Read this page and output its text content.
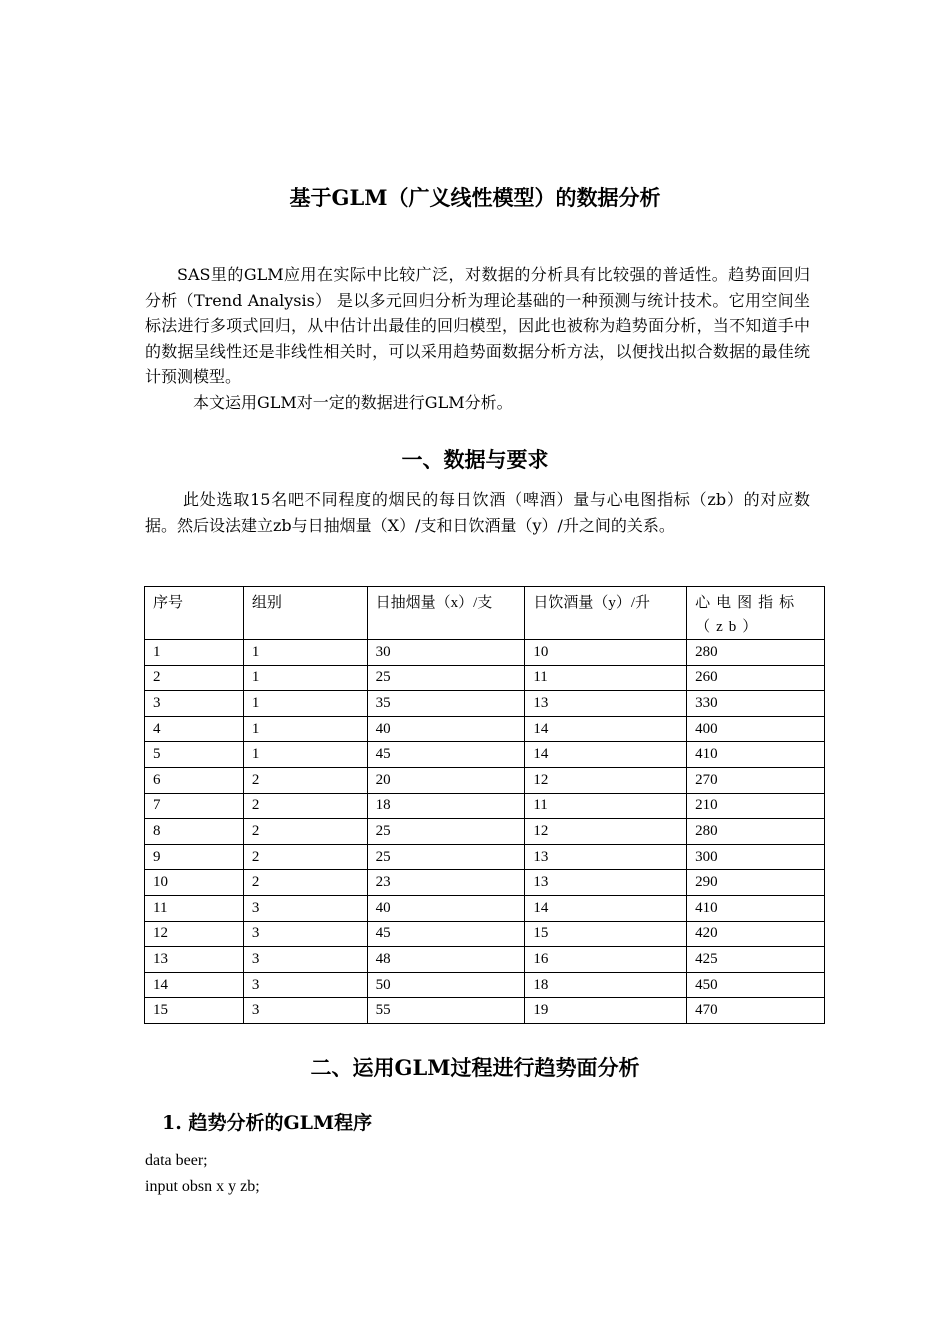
基于GLM（广义线性模型）的数据分析

SAS里的GLM应用在实际中比较广泛，对数据的分析具有比较强的普适性。趋势面回归分析（Trend Analysis） 是以多元回归分析为理论基础的一种预测与统计技术。它用空间坐标法进行多项式回归，从中估计出最佳的回归模型，因此也被称为趋势面分析，当不知道手中的数据呈线性还是非线性相关时，可以采用趋势面数据分析方法，以便找出拟合数据的最佳统计预测模型。

本文运用GLM对一定的数据进行GLM分析。

一、数据与要求

此处选取15名吧不同程度的烟民的每日饮酒（啤酒）量与心电图指标（zb）的对应数据。然后设法建立zb与日抽烟量（X）/支和日饮酒量（y）/升之间的关系。

序号	组别	日抽烟量（x）/支	日饮酒量（y）/升	心电图指标（zb）
1	1	30	10	280
2	1	25	11	260
3	1	35	13	330
4	1	40	14	400
5	1	45	14	410
6	2	20	12	270
7	2	18	11	210
8	2	25	12	280
9	2	25	13	300
10	2	23	13	290
11	3	40	14	410
12	3	45	15	420
13	3	48	16	425
14	3	50	18	450
15	3	55	19	470
二、运用GLM过程进行趋势面分析
1. 趋势分析的GLM程序
data beer;
input obsn x y zb;
